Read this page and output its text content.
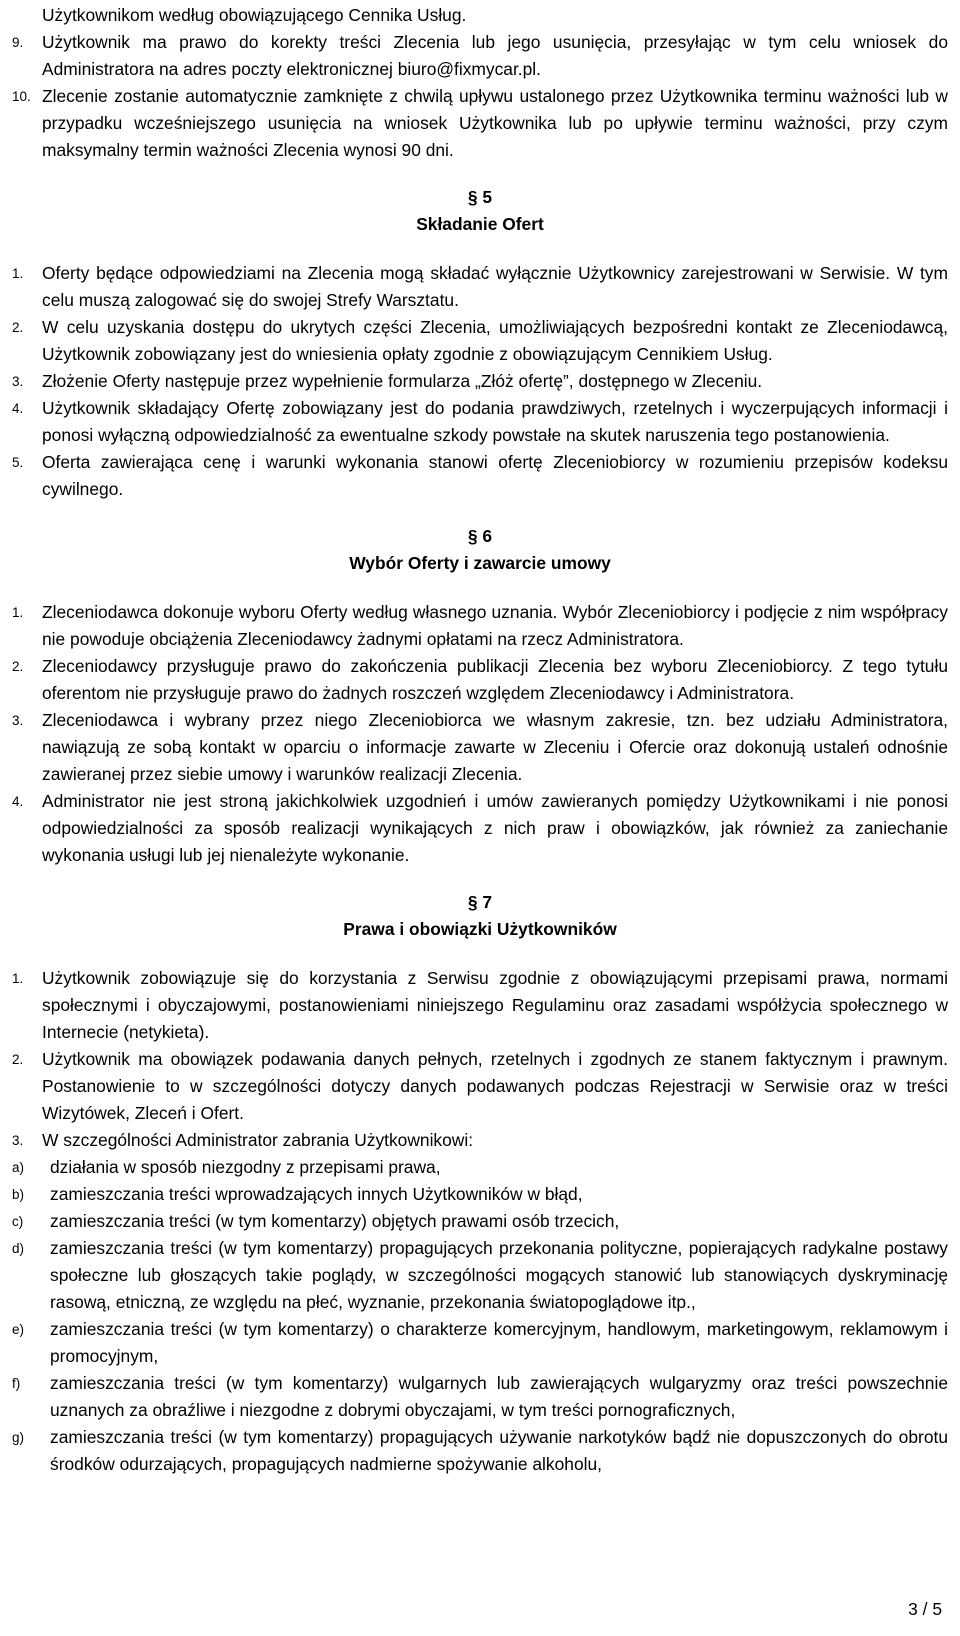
Użytkownikom według obowiązującego Cennika Usług.
9.	Użytkownik ma prawo do korekty treści Zlecenia lub jego usunięcia, przesyłając w tym celu wniosek do Administratora na adres poczty elektronicznej biuro@fixmycar.pl.
10. Zlecenie zostanie automatycznie zamknięte z chwilą upływu ustalonego przez Użytkownika terminu ważności lub w przypadku wcześniejszego usunięcia na wniosek Użytkownika lub po upływie terminu ważności, przy czym maksymalny termin ważności Zlecenia wynosi 90 dni.
§ 5
Składanie Ofert
1.	Oferty będące odpowiedziami na Zlecenia mogą składać wyłącznie Użytkownicy zarejestrowani w Serwisie. W tym celu muszą zalogować się do swojej Strefy Warsztatu.
2.	W celu uzyskania dostępu do ukrytych części Zlecenia, umożliwiających bezpośredni kontakt ze Zleceniodawcą, Użytkownik zobowiązany jest do wniesienia opłaty zgodnie z obowiązującym Cennikiem Usług.
3.	Złożenie Oferty następuje przez wypełnienie formularza „Złóż ofertę”, dostępnego w Zleceniu.
4.	Użytkownik składający Ofertę zobowiązany jest do podania prawdziwych, rzetelnych i wyczerpujących informacji i ponosi wyłączną odpowiedzialność za ewentualne szkody powstałe na skutek naruszenia tego postanowienia.
5.	Oferta zawierająca cenę i warunki wykonania stanowi ofertę Zleceniobiorcy w rozumieniu przepisów kodeksu cywilnego.
§ 6
Wybór Oferty i zawarcie umowy
1.	Zleceniodawca dokonuje wyboru Oferty według własnego uznania. Wybór Zleceniobiorcy i podjęcie z nim współpracy nie powoduje obciążenia Zleceniodawcy żadnymi opłatami na rzecz Administratora.
2.	Zleceniodawcy przysługuje prawo do zakończenia publikacji Zlecenia bez wyboru Zleceniobiorcy. Z tego tytułu oferentom nie przysługuje prawo do żadnych roszczeń względem Zleceniodawcy i Administratora.
3.	Zleceniodawca i wybrany przez niego Zleceniobiorca we własnym zakresie, tzn. bez udziału Administratora, nawiązują ze sobą kontakt w oparciu o informacje zawarte w Zleceniu i Ofercie oraz dokonują ustaleń odnośnie zawieranej przez siebie umowy i warunków realizacji Zlecenia.
4.	Administrator nie jest stroną jakichkolwiek uzgodnień i umów zawieranych pomiędzy Użytkownikami i nie ponosi odpowiedzialności za sposób realizacji wynikających z nich praw i obowiązków, jak również za zaniechanie wykonania usługi lub jej nienależyte wykonanie.
§ 7
Prawa i obowiązki Użytkowników
1.	Użytkownik zobowiązuje się do korzystania z Serwisu zgodnie z obowiązującymi przepisami prawa, normami społecznymi i obyczajowymi, postanowieniami niniejszego Regulaminu oraz zasadami współżycia społecznego w Internecie (netykieta).
2.	Użytkownik ma obowiązek podawania danych pełnych, rzetelnych i zgodnych ze stanem faktycznym i prawnym. Postanowienie to w szczególności dotyczy danych podawanych podczas Rejestracji w Serwisie oraz w treści Wizytówek, Zleceń i Ofert.
3.	W szczególności Administrator zabrania Użytkownikowi:
a)	działania w sposób niezgodny z przepisami prawa,
b)	zamieszczania treści wprowadzających innych Użytkowników w błąd,
c)	zamieszczania treści (w tym komentarzy) objętych prawami osób trzecich,
d)	zamieszczania treści (w tym komentarzy) propagujących przekonania polityczne, popierających radykalne postawy społeczne lub głoszących takie poglądy, w szczególności mogących stanowić lub stanowiących dyskryminację rasową, etniczną, ze względu na płeć, wyznanie, przekonania światopoglądowe itp.,
e)	zamieszczania treści (w tym komentarzy) o charakterze komercyjnym, handlowym, marketingowym, reklamowym i promocyjnym,
f)	zamieszczania treści (w tym komentarzy) wulgarnych lub zawierających wulgaryzmy oraz treści powszechnie uznanych za obraźliwe i niezgodne z dobrymi obyczajami, w tym treści pornograficznych,
g)	zamieszczania treści (w tym komentarzy) propagujących używanie narkotyków bądź nie dopuszczonych do obrotu środków odurzających, propagujących nadmierne spożywanie alkoholu,
3 / 5
